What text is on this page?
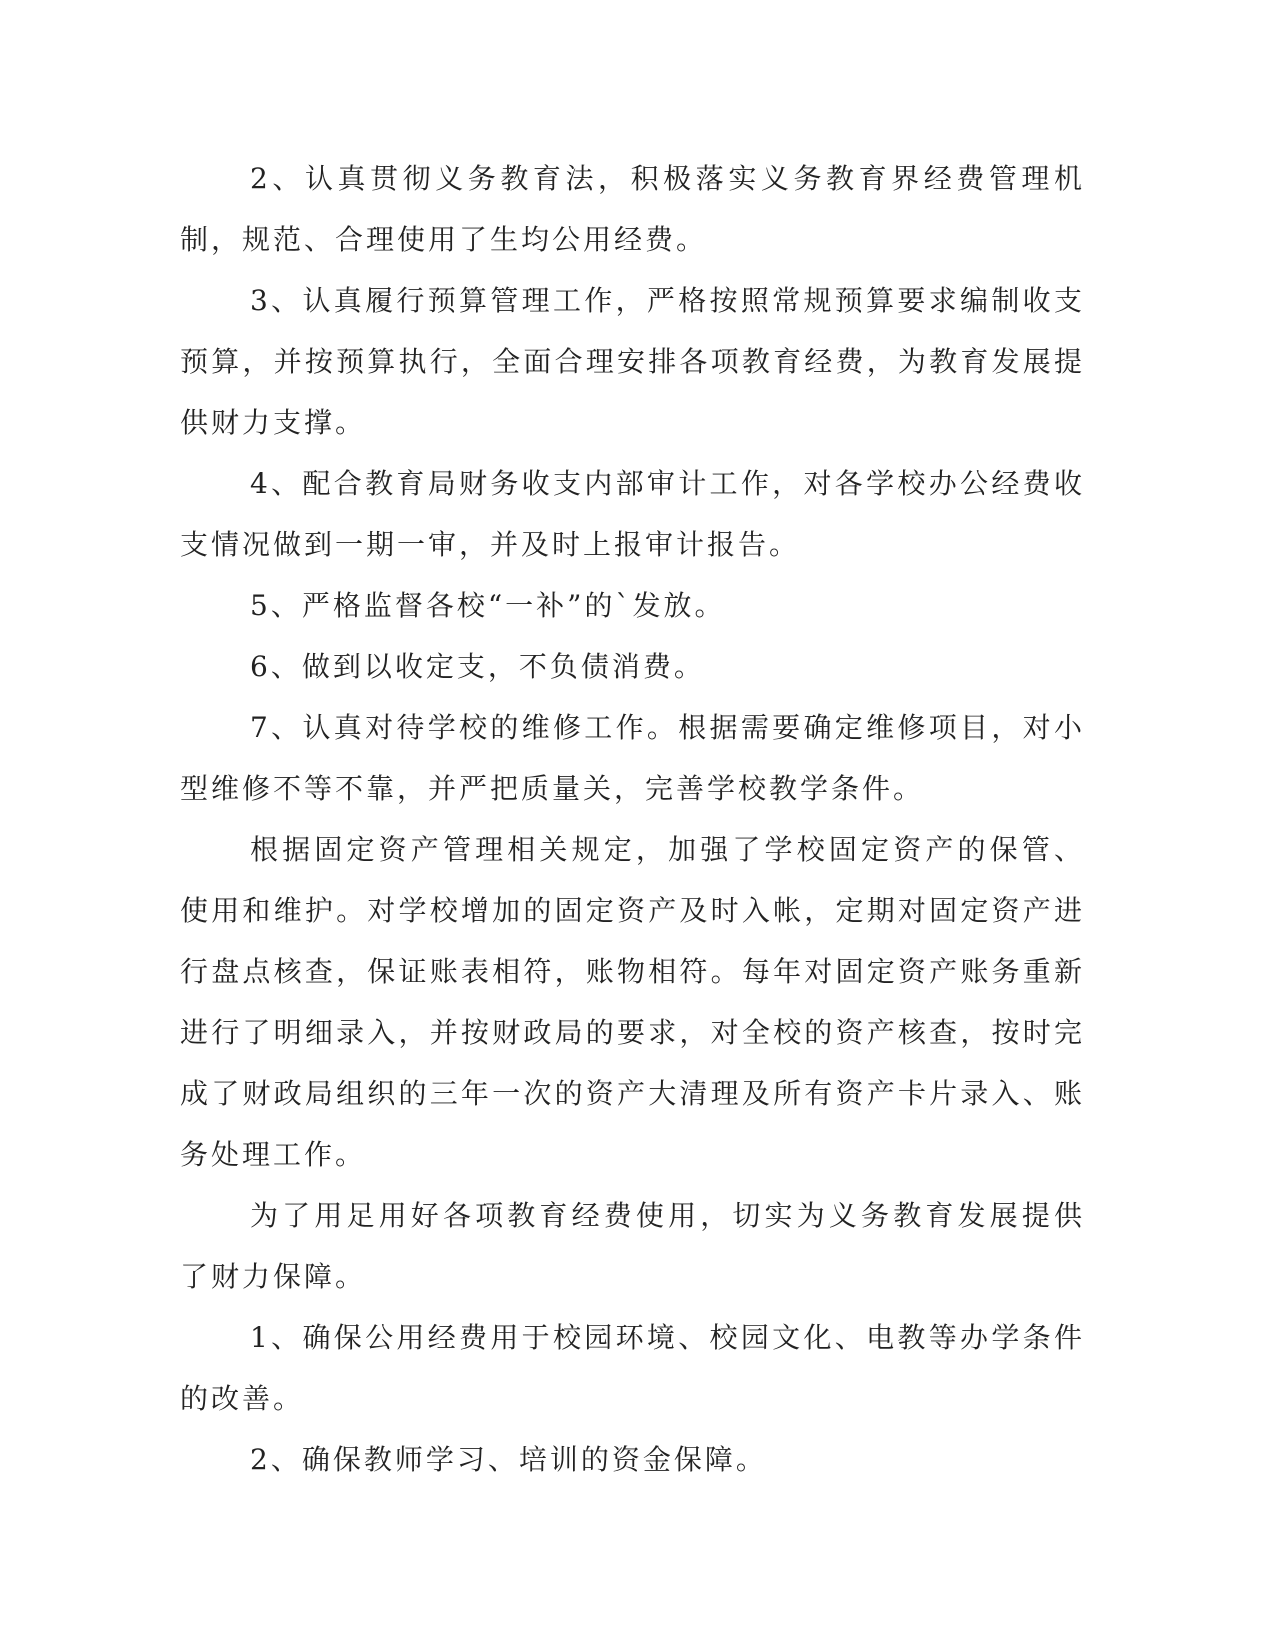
2、认真贯彻义务教育法，积极落实义务教育界经费管理机制，规范、合理使用了生均公用经费。

3、认真履行预算管理工作，严格按照常规预算要求编制收支预算，并按预算执行，全面合理安排各项教育经费，为教育发展提供财力支撑。

4、配合教育局财务收支内部审计工作，对各学校办公经费收支情况做到一期一审，并及时上报审计报告。

5、严格监督各校“一补”的`发放。

6、做到以收定支，不负债消费。

7、认真对待学校的维修工作。根据需要确定维修项目，对小型维修不等不靠，并严把质量关，完善学校教学条件。

根据固定资产管理相关规定，加强了学校固定资产的保管、使用和维护。对学校增加的固定资产及时入帐，定期对固定资产进行盘点核查，保证账表相符，账物相符。每年对固定资产账务重新进行了明细录入，并按财政局的要求，对全校的资产核查，按时完成了财政局组织的三年一次的资产大清理及所有资产卡片录入、账务处理工作。

为了用足用好各项教育经费使用，切实为义务教育发展提供了财力保障。

1、确保公用经费用于校园环境、校园文化、电教等办学条件的改善。

2、确保教师学习、培训的资金保障。
